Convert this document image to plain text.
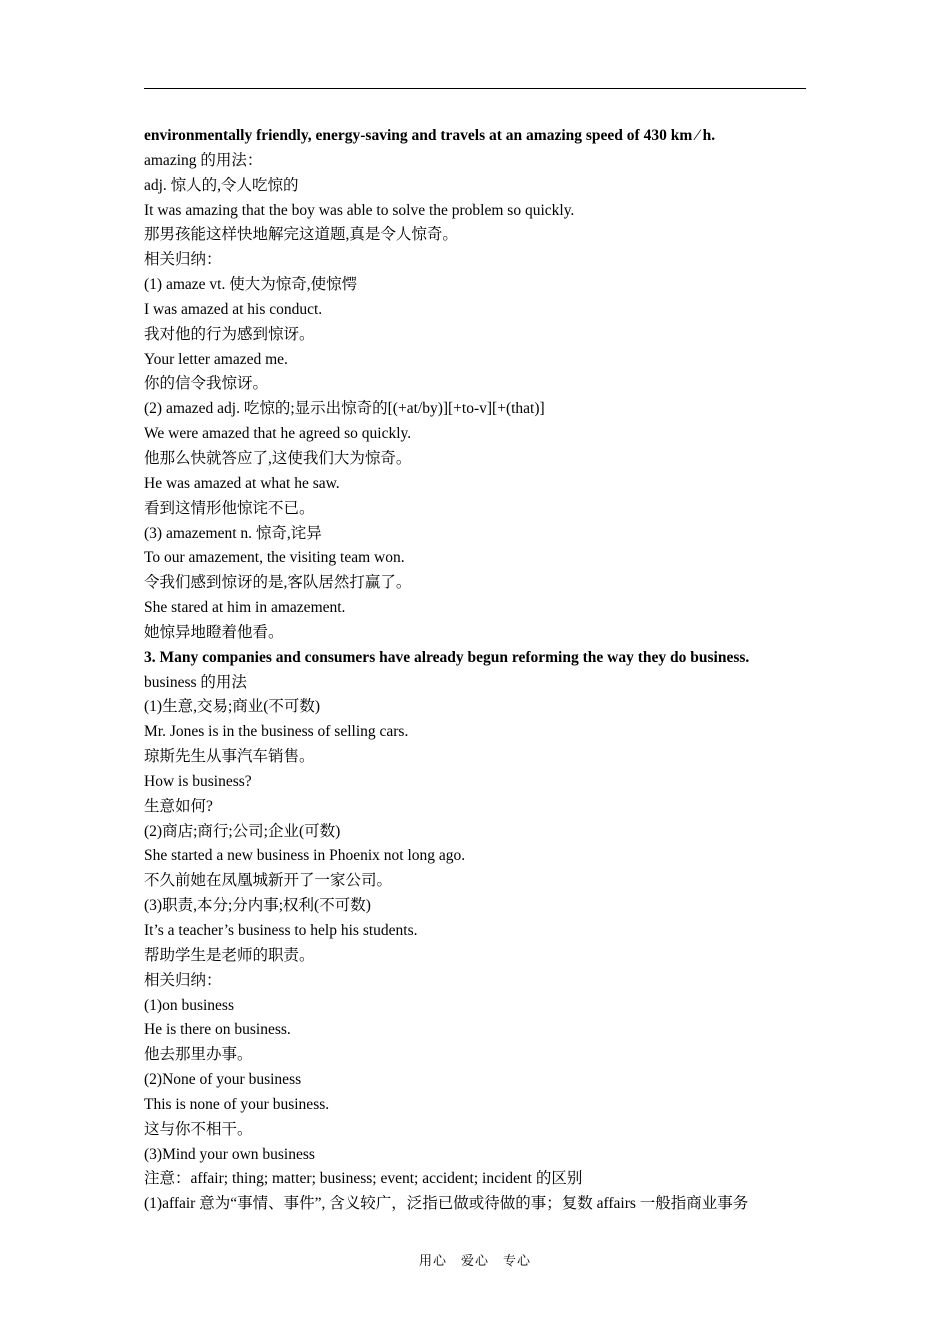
environmentally friendly, energy-saving and travels at an amazing speed of 430 km ⁄ h.
amazing 的用法：
adj. 惊人的,令人吃惊的
It was amazing that the boy was able to solve the problem so quickly.
那男孩能这样快地解完这道题,真是令人惊奇。
相关归纳：
(1) amaze vt. 使大为惊奇,使惊愕
I was amazed at his conduct.
我对他的行为感到惊讶。
Your letter amazed me.
你的信令我惊讶。
(2) amazed adj. 吃惊的;显示出惊奇的[(+at/by)][+to-v][+(that)]
We were amazed that he agreed so quickly.
他那么快就答应了,这使我们大为惊奇。
He was amazed at what he saw.
看到这情形他惊诧不已。
(3) amazement n. 惊奇,诧异
To our amazement, the visiting team won.
令我们感到惊讶的是,客队居然打赢了。
She stared at him in amazement.
她惊异地瞪着他看。
3. Many companies and consumers have already begun reforming the way they do business.
business 的用法
(1)生意,交易;商业(不可数)
Mr. Jones is in the business of selling cars.
琼斯先生从事汽车销售。
How is business?
生意如何?
(2)商店;商行;公司;企业(可数)
She started a new business in Phoenix not long ago.
不久前她在凤凰城新开了一家公司。
(3)职责,本分;分内事;权利(不可数)
It’s a teacher’s business to help his students.
帮助学生是老师的职责。
相关归纳：
(1)on business
He is there on business.
他去那里办事。
(2)None of your business
This is none of your business.
这与你不相干。
(3)Mind your own business
注意：affair; thing; matter; business; event; accident; incident 的区别
(1)affair 意为“事情、事件”, 含义较广，泛指已做或待做的事；复数 affairs 一般指商业事务
用心　爱心　专心
